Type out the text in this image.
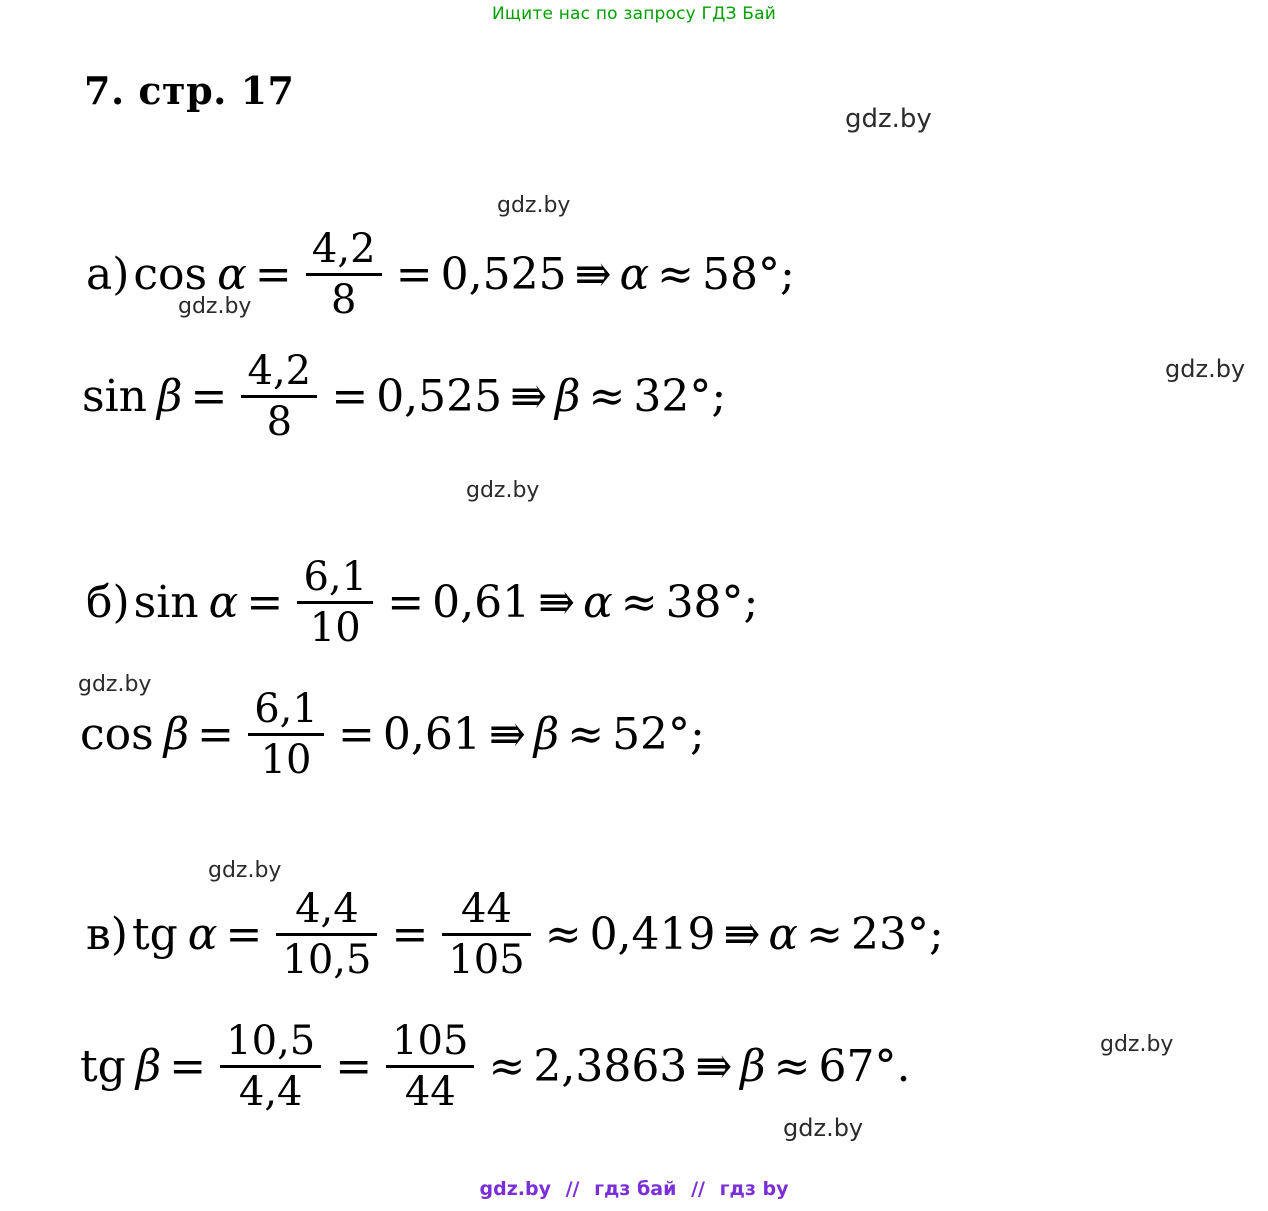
Ищите нас по запросу ГДЗ Бай
7. стр. 17
gdz.by
gdz.by
gdz.by
gdz.by
gdz.by
gdz.by
gdz.by
gdz.by
gdz.by
а) $\cos \alpha = \frac{4,2}{8} = 0,525$ ⇛ α ≈ 58°;
$\sin \beta = \frac{4,2}{8} = 0,525$ ⇛ β ≈ 32°;
б) $\sin \alpha = \frac{6,1}{10} = 0,61$ ⇛ α ≈ 38°;
$\cos \beta = \frac{6,1}{10} = 0,61$ ⇛ β ≈ 52°;
в) tg $\alpha = \frac{4,4}{10,5} = \frac{44}{105} \approx 0,419$ ⇛ α ≈ 23°;
tg $\beta = \frac{10,5}{4,4} = \frac{105}{44} \approx 2,3863$ ⇛ β ≈ 67°.
gdz.by // гдз бай // гдз by
